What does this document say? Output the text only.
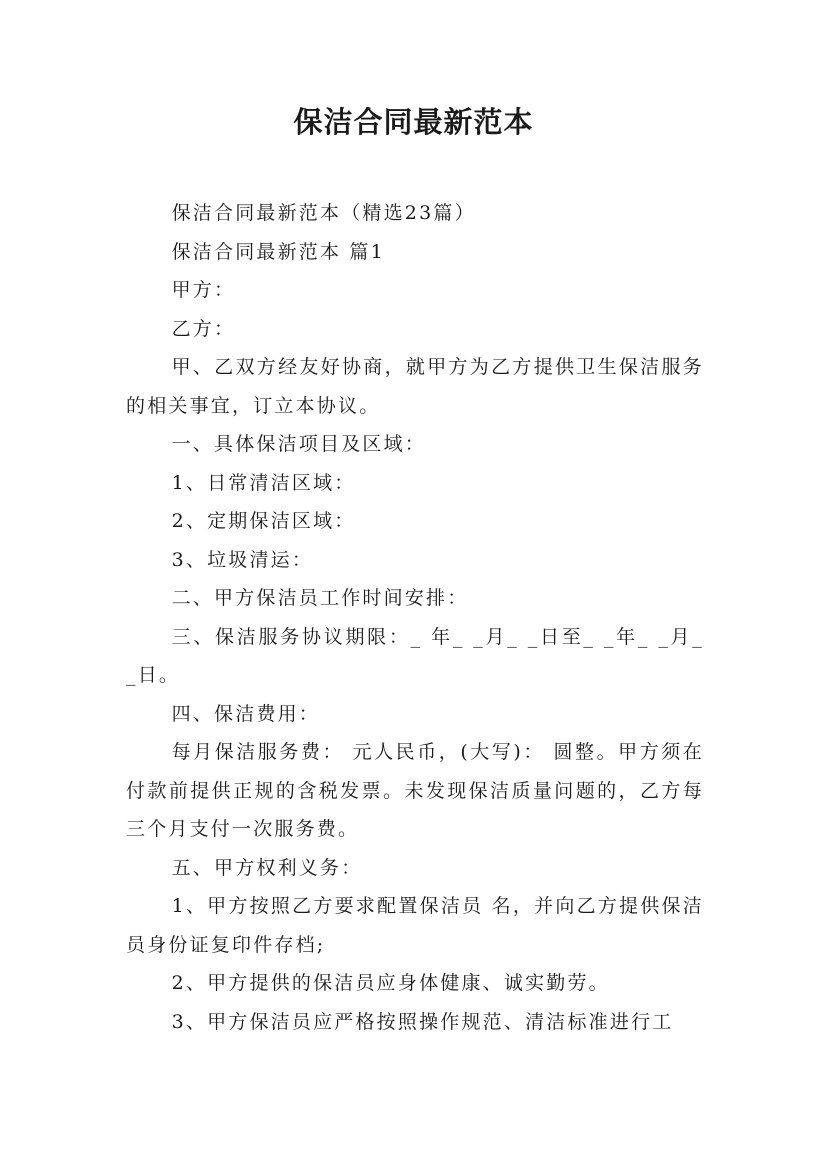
保洁合同最新范本

保洁合同最新范本（精选23篇）

保洁合同最新范本 篇1

甲方：

乙方：

甲、乙双方经友好协商，就甲方为乙方提供卫生保洁服务的相关事宜，订立本协议。

一、具体保洁项目及区域：

1、日常清洁区域：

2、定期保洁区域：

3、垃圾清运：

二、甲方保洁员工作时间安排：

三、保洁服务协议期限：_ 年_ _月_ _日至_ _年_ _月_ _日。

四、保洁费用：

每月保洁服务费： 元人民币，(大写)： 圆整。甲方须在付款前提供正规的含税发票。未发现保洁质量问题的，乙方每三个月支付一次服务费。

五、甲方权利义务：

1、甲方按照乙方要求配置保洁员 名，并向乙方提供保洁员身份证复印件存档;

2、甲方提供的保洁员应身体健康、诚实勤劳。

3、甲方保洁员应严格按照操作规范、清洁标准进行工
